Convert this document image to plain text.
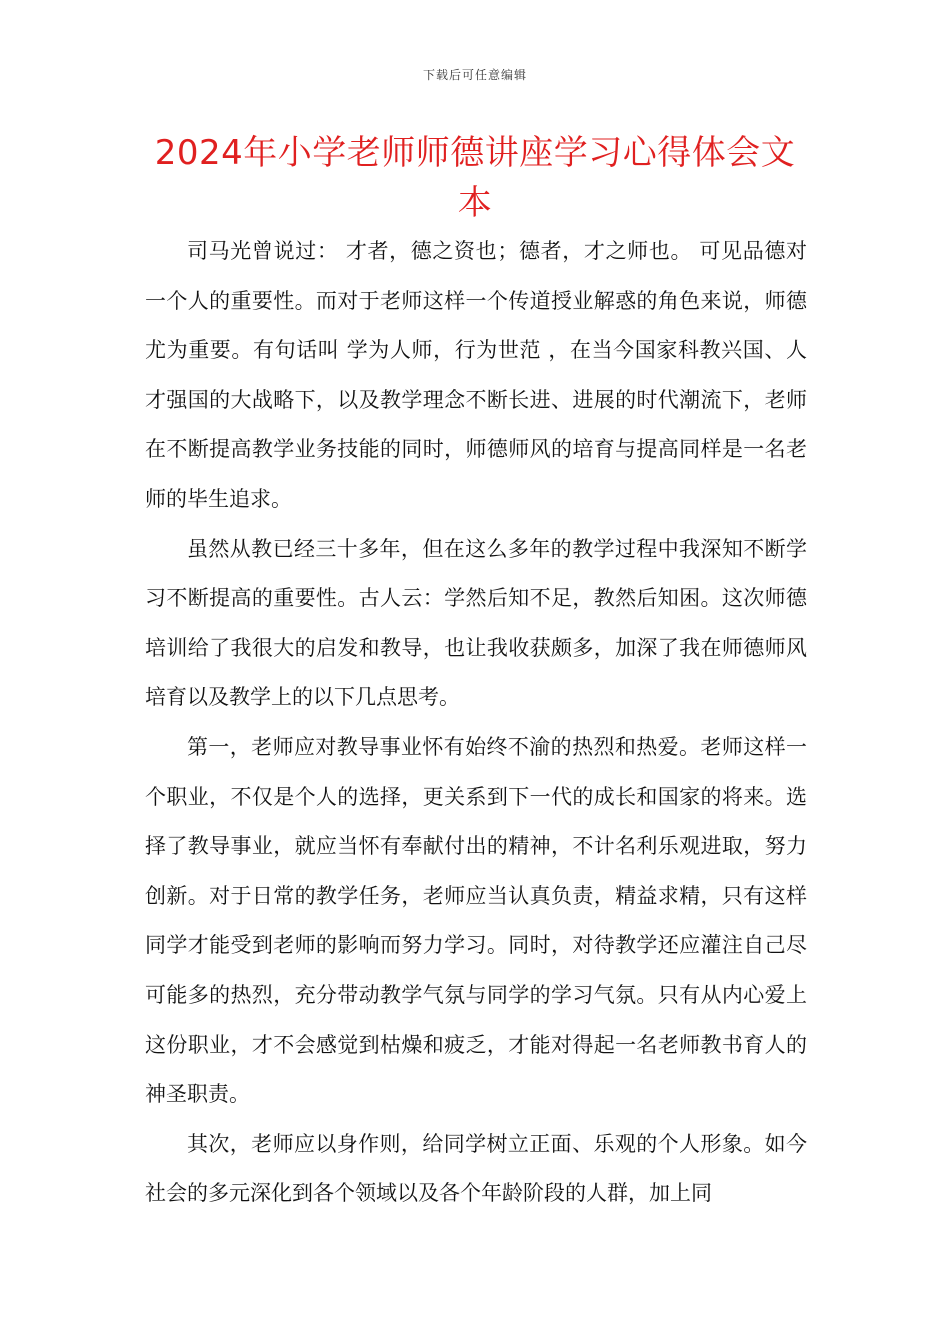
下载后可任意编辑
2024年小学老师师德讲座学习心得体会文本

司马光曾说过： 才者，德之资也；德者，才之师也。 可见品德对一个人的重要性。而对于老师这样一个传道授业解惑的角色来说，师德尤为重要。有句话叫 学为人师，行为世范 ，在当今国家科教兴国、人才强国的大战略下，以及教学理念不断长进、进展的时代潮流下，老师在不断提高教学业务技能的同时，师德师风的培育与提高同样是一名老师的毕生追求。

虽然从教已经三十多年，但在这么多年的教学过程中我深知不断学习不断提高的重要性。古人云：学然后知不足，教然后知困。这次师德培训给了我很大的启发和教导，也让我收获颇多，加深了我在师德师风培育以及教学上的以下几点思考。

第一，老师应对教导事业怀有始终不渝的热烈和热爱。老师这样一个职业，不仅是个人的选择，更关系到下一代的成长和国家的将来。选择了教导事业，就应当怀有奉献付出的精神，不计名利乐观进取，努力创新。对于日常的教学任务，老师应当认真负责，精益求精，只有这样同学才能受到老师的影响而努力学习。同时，对待教学还应灌注自己尽可能多的热烈，充分带动教学气氛与同学的学习气氛。只有从内心爱上这份职业，才不会感觉到枯燥和疲乏，才能对得起一名老师教书育人的神圣职责。

其次，老师应以身作则，给同学树立正面、乐观的个人形象。如今社会的多元深化到各个领域以及各个年龄阶段的人群，加上同
